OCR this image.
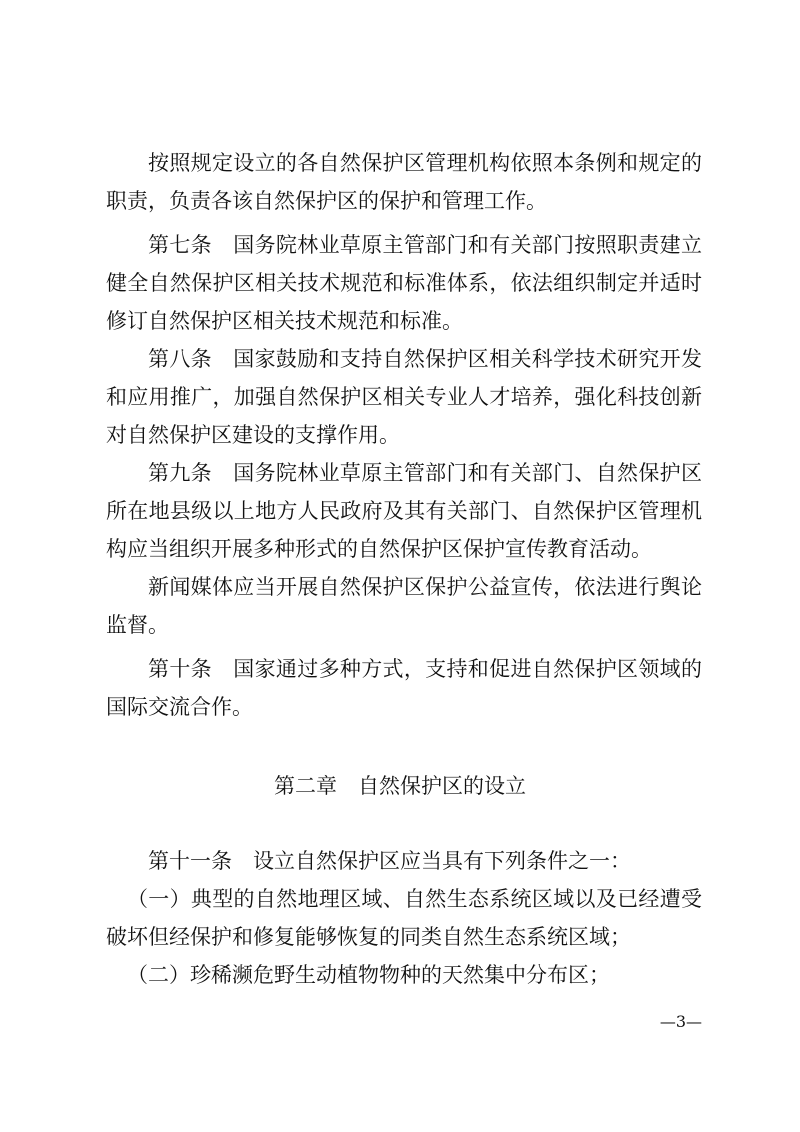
按照规定设立的各自然保护区管理机构依照本条例和规定的职责，负责各该自然保护区的保护和管理工作。

第七条 国务院林业草原主管部门和有关部门按照职责建立健全自然保护区相关技术规范和标准体系，依法组织制定并适时修订自然保护区相关技术规范和标准。

第八条 国家鼓励和支持自然保护区相关科学技术研究开发和应用推广，加强自然保护区相关专业人才培养，强化科技创新对自然保护区建设的支撑作用。

第九条 国务院林业草原主管部门和有关部门、自然保护区所在地县级以上地方人民政府及其有关部门、自然保护区管理机构应当组织开展多种形式的自然保护区保护宣传教育活动。

新闻媒体应当开展自然保护区保护公益宣传，依法进行舆论监督。

第十条 国家通过多种方式，支持和促进自然保护区领域的国际交流合作。

第二章 自然保护区的设立

第十一条 设立自然保护区应当具有下列条件之一：

（一）典型的自然地理区域、自然生态系统区域以及已经遭受破坏但经保护和修复能够恢复的同类自然生态系统区域；

（二）珍稀濒危野生动植物物种的天然集中分布区；

—3—
